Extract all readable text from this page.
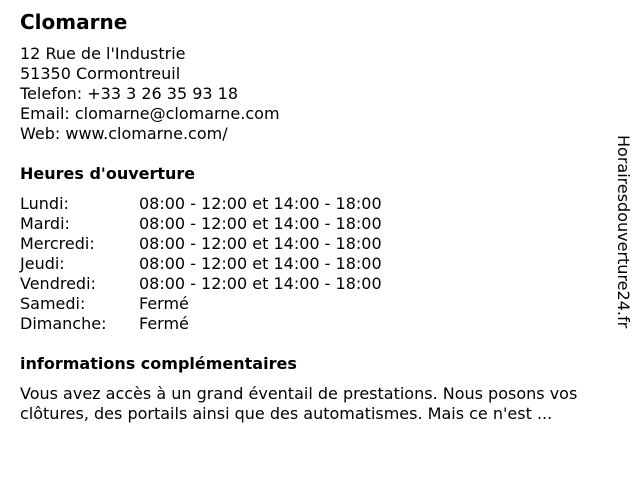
Clomarne
12 Rue de l'Industrie
51350 Cormontreuil
Telefon: +33 3 26 35 93 18
Email: clomarne@clomarne.com
Web: www.clomarne.com/
Heures d'ouverture
Lundi:	08:00 - 12:00 et 14:00 - 18:00
Mardi:	08:00 - 12:00 et 14:00 - 18:00
Mercredi:	08:00 - 12:00 et 14:00 - 18:00
Jeudi:	08:00 - 12:00 et 14:00 - 18:00
Vendredi:	08:00 - 12:00 et 14:00 - 18:00
Samedi:	Fermé
Dimanche:	Fermé
informations complémentaires

Vous avez accès à un grand éventail de prestations. Nous posons vos clôtures, des portails ainsi que des automatismes. Mais ce n'est ...

Horairesdouverture24.fr
